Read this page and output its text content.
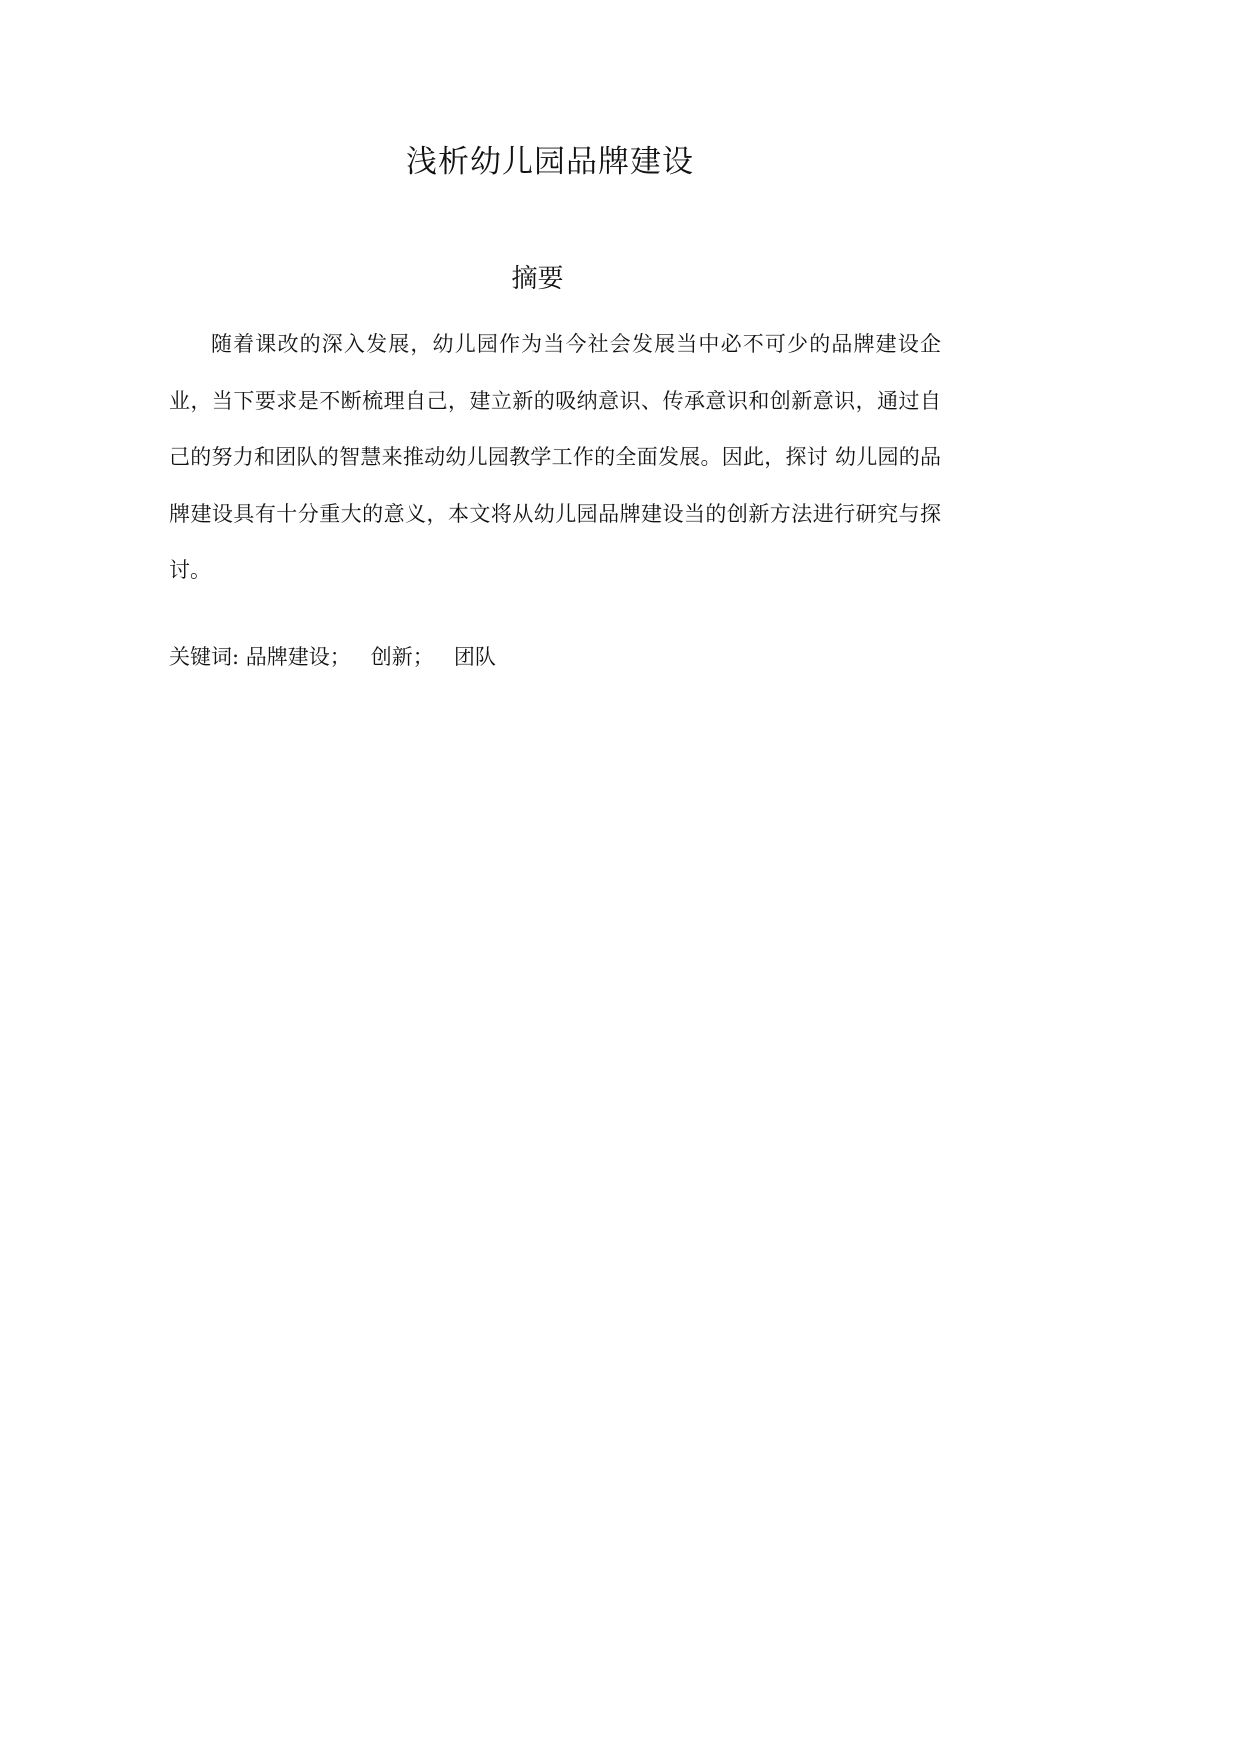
浅析幼儿园品牌建设
摘要

随着课改的深入发展，幼儿园作为当今社会发展当中必不可少的品牌建设企业，当下要求是不断梳理自己，建立新的吸纳意识、传承意识和创新意识，通过自己的努力和团队的智慧来推动幼儿园教学工作的全面发展。因此，探讨 幼儿园的品牌建设具有十分重大的意义，本文将从幼儿园品牌建设当的创新方法进行研究与探讨。

关键词: 品牌建设； 创新； 团队
